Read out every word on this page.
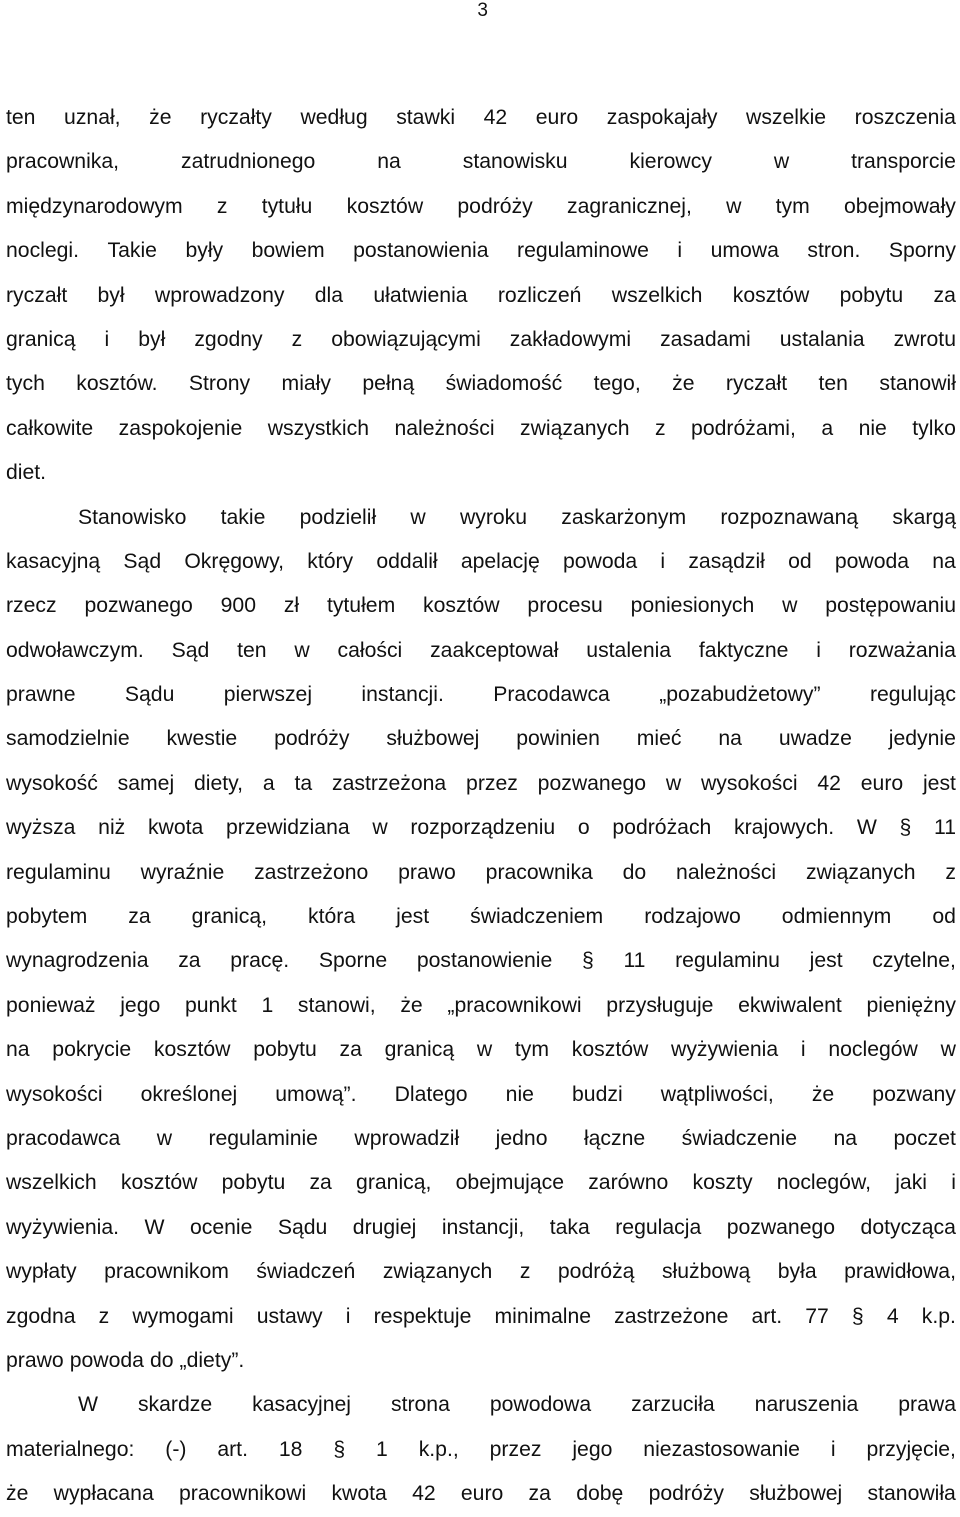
3
ten uznał, że ryczałty według stawki 42 euro zaspokajały wszelkie roszczenia
pracownika,	zatrudnionego	na	stanowisku	kierowcy	w	transporcie
międzynarodowym z tytułu kosztów podróży zagranicznej, w tym obejmowały
noclegi. Takie były bowiem postanowienia regulaminowe i umowa stron. Sporny
ryczałt był wprowadzony dla ułatwienia rozliczeń wszelkich kosztów pobytu za
granicą i był zgodny z obowiązującymi zakładowymi zasadami ustalania zwrotu
tych kosztów. Strony miały pełną świadomość tego, że ryczałt ten stanowił
całkowite zaspokojenie wszystkich należności związanych z podróżami, a nie tylko
diet.
Stanowisko takie podzielił w wyroku zaskarżonym rozpoznawaną skargą
kasacyjną Sąd Okręgowy, który oddalił apelację powoda i zasądził od powoda na
rzecz pozwanego 900 zł tytułem kosztów procesu poniesionych w postępowaniu
odwoławczym. Sąd ten w całości zaakceptował ustalenia faktyczne i rozważania
prawne Sądu pierwszej instancji. Pracodawca „pozabudżetowy” regulując
samodzielnie kwestie podróży służbowej powinien mieć na uwadze jedynie
wysokość samej diety, a ta zastrzeżona przez pozwanego w wysokości 42 euro jest
wyższa niż kwota przewidziana w rozporządzeniu o podróżach krajowych. W § 11
regulaminu wyraźnie zastrzeżono prawo pracownika do należności związanych z
pobytem za granicą, która jest świadczeniem rodzajowo odmiennym od
wynagrodzenia za pracę. Sporne postanowienie § 11 regulaminu jest czytelne,
ponieważ jego punkt 1 stanowi, że „pracownikowi przysługuje ekwiwalent pieniężny
na pokrycie kosztów pobytu za granicą w tym kosztów wyżywienia i noclegów w
wysokości określonej umową”. Dlatego nie budzi wątpliwości, że pozwany
pracodawca w regulaminie wprowadził jedno łączne świadczenie na poczet
wszelkich kosztów pobytu za granicą, obejmujące zarówno koszty noclegów, jaki i
wyżywienia. W ocenie Sądu drugiej instancji, taka regulacja pozwanego dotycząca
wypłaty pracownikom świadczeń związanych z podróżą służbową była prawidłowa,
zgodna z wymogami ustawy i respektuje minimalne zastrzeżone art. 77 § 4 k.p.
prawo powoda do „diety”.
W skardze kasacyjnej strona powodowa zarzuciła naruszenia prawa
materialnego: (-) art. 18 § 1 k.p., przez jego niezastosowanie i przyjęcie,
że wypłacana pracownikowi kwota 42 euro za dobę podróży służbowej stanowiła
